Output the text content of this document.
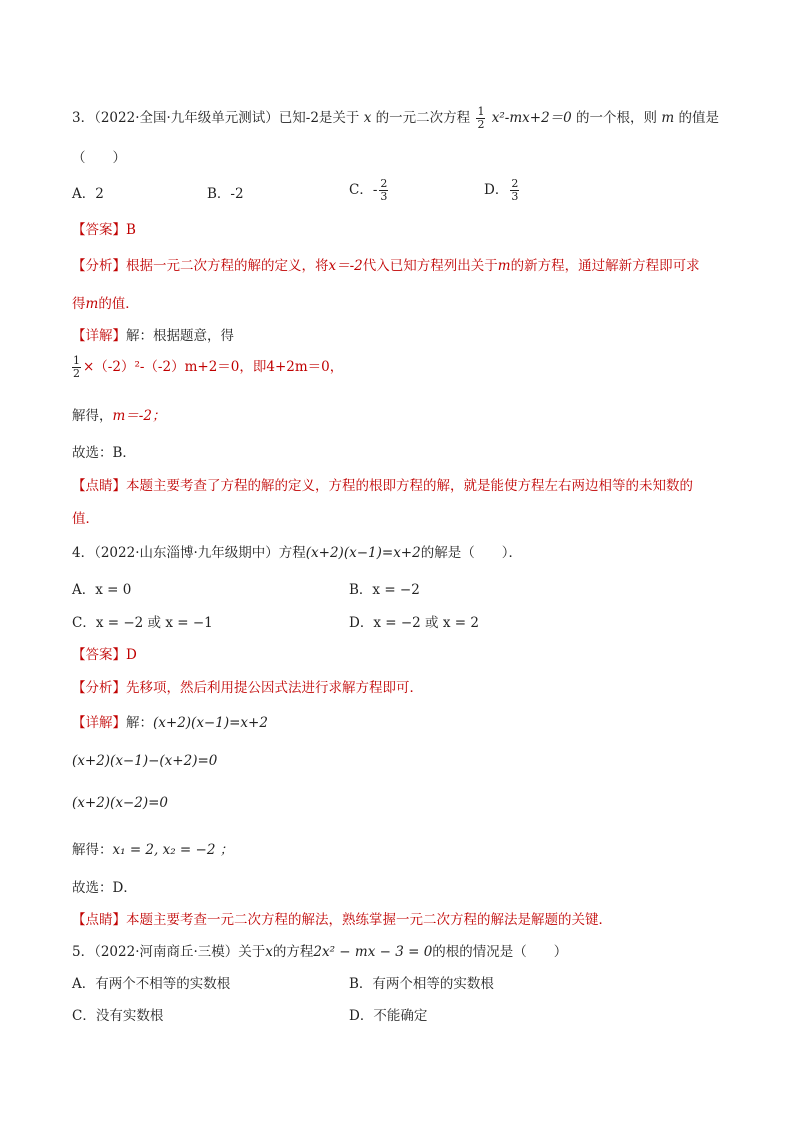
3．（2022·全国·九年级单元测试）已知-2是关于 x 的一元二次方程 $\frac{1}{2} x^2-mx+2=0$ 的一个根，则 m 的值是
（　　）
A．2	B．-2	C．- $\frac{2}{3}$	D． $\frac{2}{3}$
【答案】B
【分析】根据一元二次方程的解的定义，将x＝-2代入已知方程列出关于m的新方程，通过解新方程即可求
得m的值．
【详解】解：根据题意，得
$\frac{1}{2} \times(-2)^2-(-2)m+2=0$，即4+2m＝0，
解得，m＝-2；
故选：B．
【点睛】本题主要考查了方程的解的定义，方程的根即方程的解，就是能使方程左右两边相等的未知数的
值．
4．（2022·山东淄博·九年级期中）方程(x+2)(x−1)=x+2的解是（　　）．
A．x = 0	B．x = −2
C．x = −2 或 x = −1	D．x = −2 或 x = 2
【答案】D
【分析】先移项，然后利用提公因式法进行求解方程即可．
【详解】解：(x+2)(x−1)=x+2
(x+2)(x−1)−(x+2)=0
(x+2)(x−2)=0
解得：x₁ = 2, x₂ = −2 ；
故选：D．
【点睛】本题主要考查一元二次方程的解法，熟练掌握一元二次方程的解法是解题的关键．
5．（2022·河南商丘·三模）关于x的方程2x² − mx − 3 = 0的根的情况是（　　）
A．有两个不相等的实数根	B．有两个相等的实数根
C．没有实数根	D．不能确定
